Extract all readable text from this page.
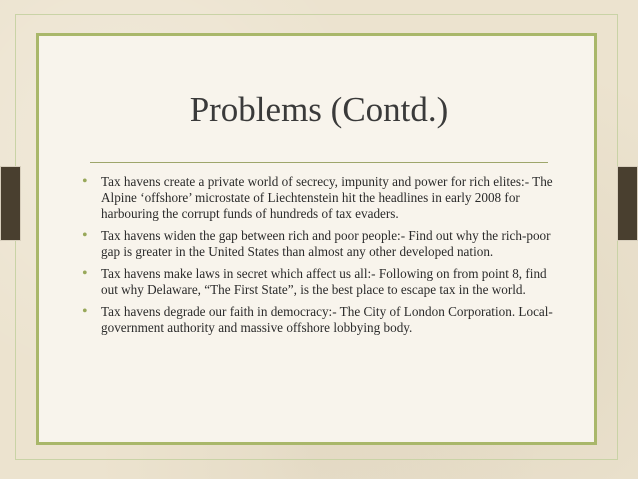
Problems (Contd.)
• Tax havens create a private world of secrecy, impunity and power for rich elites:- The Alpine ‘offshore’ microstate of Liechtenstein hit the headlines in early 2008 for harbouring the corrupt funds of hundreds of tax evaders.
• Tax havens widen the gap between rich and poor people:- Find out why the rich-poor gap is greater in the United States than almost any other developed nation.
• Tax havens make laws in secret which affect us all:- Following on from point 8, find out why Delaware, “The First State”, is the best place to escape tax in the world.
• Tax havens degrade our faith in democracy:- The City of London Corporation. Local-government authority and massive offshore lobbying body.
